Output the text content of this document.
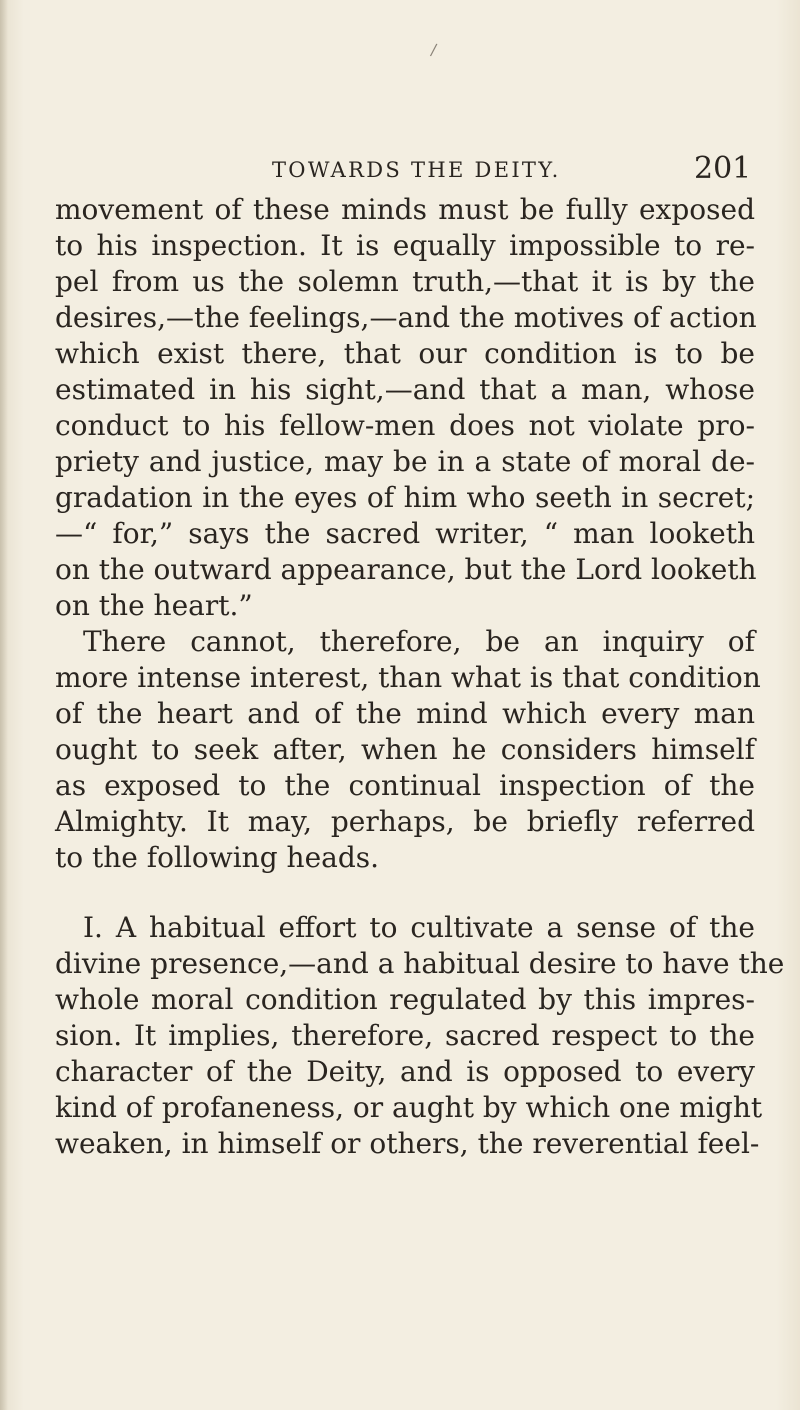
/
TOWARDS THE DEITY.	201
movement of these minds must be fully exposed
to his inspection. It is equally impossible to re-
pel from us the solemn truth,—that it is by the
desires,—the feelings,—and the motives of action
which exist there, that our condition is to be
estimated in his sight,—and that a man, whose
conduct to his fellow-men does not violate pro-
priety and justice, may be in a state of moral de-
gradation in the eyes of him who seeth in secret;
—“ for,” says the sacred writer, “ man looketh
on the outward appearance, but the Lord looketh
on the heart.”
There cannot, therefore, be an inquiry of
more intense interest, than what is that condition
of the heart and of the mind which every man
ought to seek after, when he considers himself
as exposed to the continual inspection of the
Almighty. It may, perhaps, be briefly referred
to the following heads.
I. A habitual effort to cultivate a sense of the
divine presence,—and a habitual desire to have the
whole moral condition regulated by this impres-
sion. It implies, therefore, sacred respect to the
character of the Deity, and is opposed to every
kind of profaneness, or aught by which one might
weaken, in himself or others, the reverential feel-
